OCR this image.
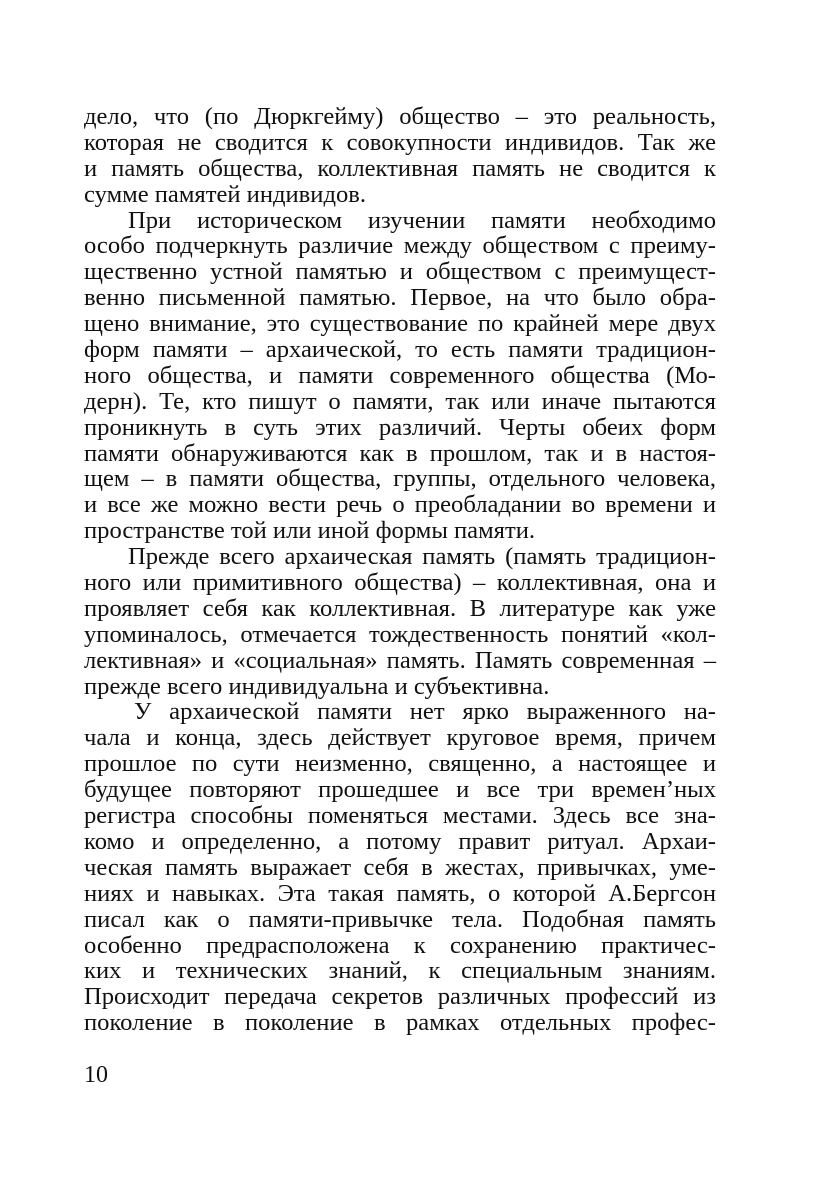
дело, что (по Дюркгейму) общество – это реальность,
которая не сводится к совокупности индивидов. Так же
и память общества, коллективная память не сводится к
сумме памятей индивидов.
При историческом изучении памяти необходимо
особо подчеркнуть различие между обществом с преиму-
щественно устной памятью и обществом с преимущест-
венно письменной памятью. Первое, на что было обра-
щено внимание, это существование по крайней мере двух
форм памяти – архаической, то есть памяти традицион-
ного общества, и памяти современного общества (Мо-
дерн). Те, кто пишут о памяти, так или иначе пытаются
проникнуть в суть этих различий. Черты обеих форм
памяти обнаруживаются как в прошлом, так и в настоя-
щем – в памяти общества, группы, отдельного человека,
и все же можно вести речь о преобладании во времени и
пространстве той или иной формы памяти.
Прежде всего архаическая память (память традицион-
ного или примитивного общества) – коллективная, она и
проявляет себя как коллективная. В литературе как уже
упоминалось, отмечается тождественность понятий «кол-
лективная» и «социальная» память. Память современная –
прежде всего индивидуальна и субъективна.
У архаической памяти нет ярко выраженного на-
чала и конца, здесь действует круговое время, причем
прошлое по сути неизменно, священно, а настоящее и
будущее повторяют прошедшее и все три времен’ных
регистра способны поменяться местами. Здесь все зна-
комо и определенно, а потому правит ритуал. Архаи-
ческая память выражает себя в жестах, привычках, уме-
ниях и навыках. Эта такая память, о которой А.Бергсон
писал как о памяти-привычке тела. Подобная память
особенно предрасположена к сохранению практичес-
ких и технических знаний, к специальным знаниям.
Происходит передача секретов различных профессий из
поколение в поколение в рамках отдельных профес-
10
